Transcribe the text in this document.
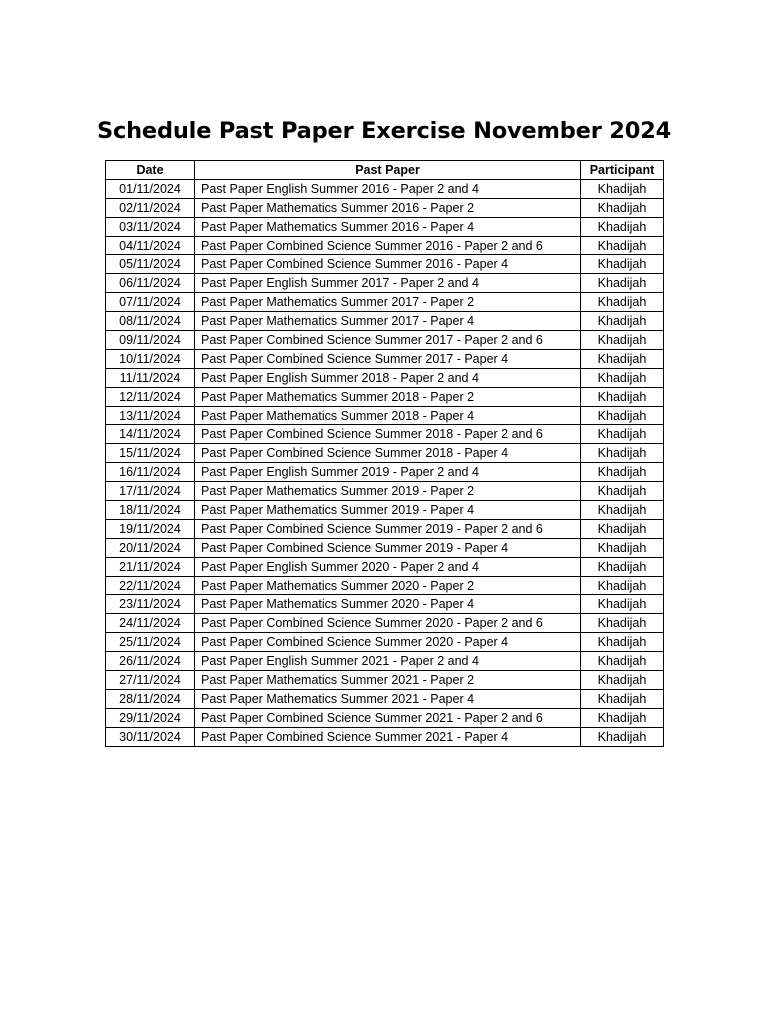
Schedule Past Paper Exercise November 2024
Date	Past Paper	Participant
01/11/2024	Past Paper English Summer 2016 - Paper 2 and 4	Khadijah
02/11/2024	Past Paper Mathematics Summer 2016 - Paper 2	Khadijah
03/11/2024	Past Paper Mathematics Summer 2016 - Paper 4	Khadijah
04/11/2024	Past Paper Combined Science Summer 2016 - Paper 2 and 6	Khadijah
05/11/2024	Past Paper Combined Science Summer 2016 - Paper 4	Khadijah
06/11/2024	Past Paper English Summer 2017 - Paper 2 and 4	Khadijah
07/11/2024	Past Paper Mathematics Summer 2017 - Paper 2	Khadijah
08/11/2024	Past Paper Mathematics Summer 2017 - Paper 4	Khadijah
09/11/2024	Past Paper Combined Science Summer 2017 - Paper 2 and 6	Khadijah
10/11/2024	Past Paper Combined Science Summer 2017 - Paper 4	Khadijah
11/11/2024	Past Paper English Summer 2018 - Paper 2 and 4	Khadijah
12/11/2024	Past Paper Mathematics Summer 2018 - Paper 2	Khadijah
13/11/2024	Past Paper Mathematics Summer 2018 - Paper 4	Khadijah
14/11/2024	Past Paper Combined Science Summer 2018 - Paper 2 and 6	Khadijah
15/11/2024	Past Paper Combined Science Summer 2018 - Paper 4	Khadijah
16/11/2024	Past Paper English Summer 2019 - Paper 2 and 4	Khadijah
17/11/2024	Past Paper Mathematics Summer 2019 - Paper 2	Khadijah
18/11/2024	Past Paper Mathematics Summer 2019 - Paper 4	Khadijah
19/11/2024	Past Paper Combined Science Summer 2019 - Paper 2 and 6	Khadijah
20/11/2024	Past Paper Combined Science Summer 2019 - Paper 4	Khadijah
21/11/2024	Past Paper English Summer 2020 - Paper 2 and 4	Khadijah
22/11/2024	Past Paper Mathematics Summer 2020 - Paper 2	Khadijah
23/11/2024	Past Paper Mathematics Summer 2020 - Paper 4	Khadijah
24/11/2024	Past Paper Combined Science Summer 2020 - Paper 2 and 6	Khadijah
25/11/2024	Past Paper Combined Science Summer 2020 - Paper 4	Khadijah
26/11/2024	Past Paper English Summer 2021 - Paper 2 and 4	Khadijah
27/11/2024	Past Paper Mathematics Summer 2021 - Paper 2	Khadijah
28/11/2024	Past Paper Mathematics Summer 2021 - Paper 4	Khadijah
29/11/2024	Past Paper Combined Science Summer 2021 - Paper 2 and 6	Khadijah
30/11/2024	Past Paper Combined Science Summer 2021 - Paper 4	Khadijah
